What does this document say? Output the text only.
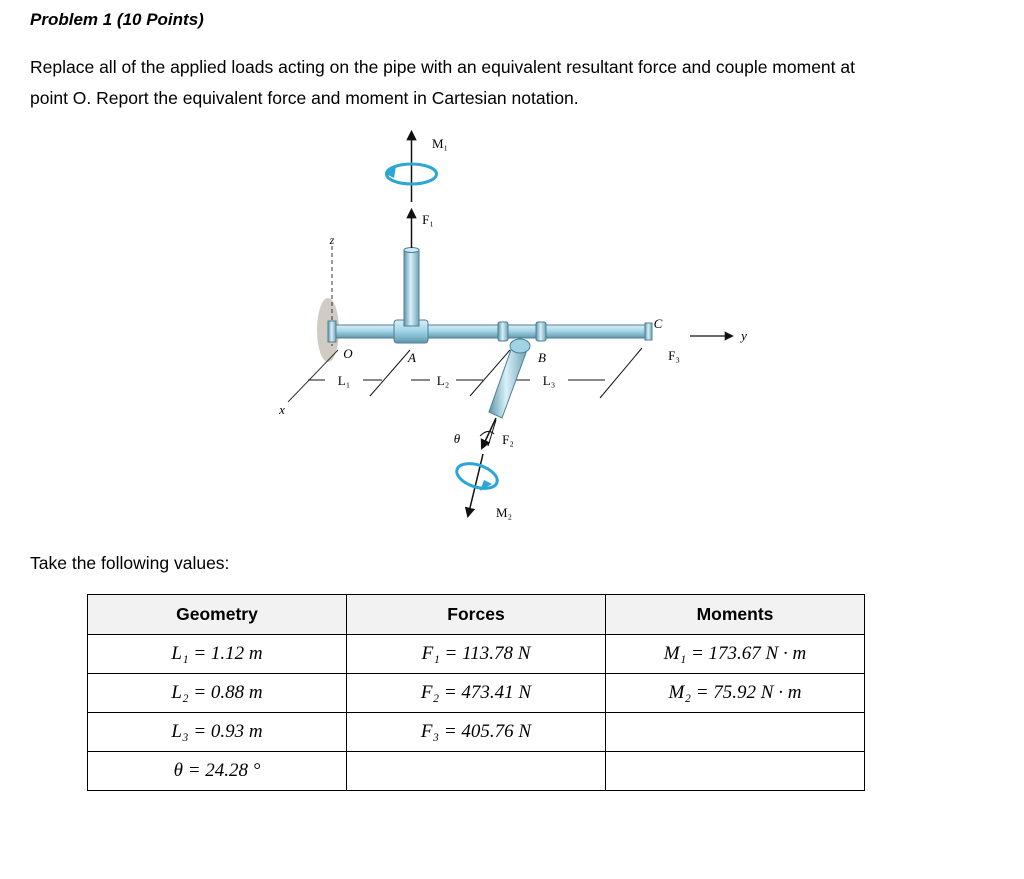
Problem 1 (10 Points)
Replace all of the applied loads acting on the pipe with an equivalent resultant force and couple moment at
point O. Report the equivalent force and moment in Cartesian notation.
z
y
x
L₁	L₂	L₃
F₁
M₁
O	A	B
C
F₃
θ	F₂
M₂
Take the following values:
Geometry	Forces	Moments
L₁ = 1.12 m	F₁ = 113.78 N	M₁ = 173.67 N · m
L₂ = 0.88 m	F₂ = 473.41 N	M₂ = 75.92 N · m
L₃ = 0.93 m	F₃ = 405.76 N	
θ = 24.28 °		
